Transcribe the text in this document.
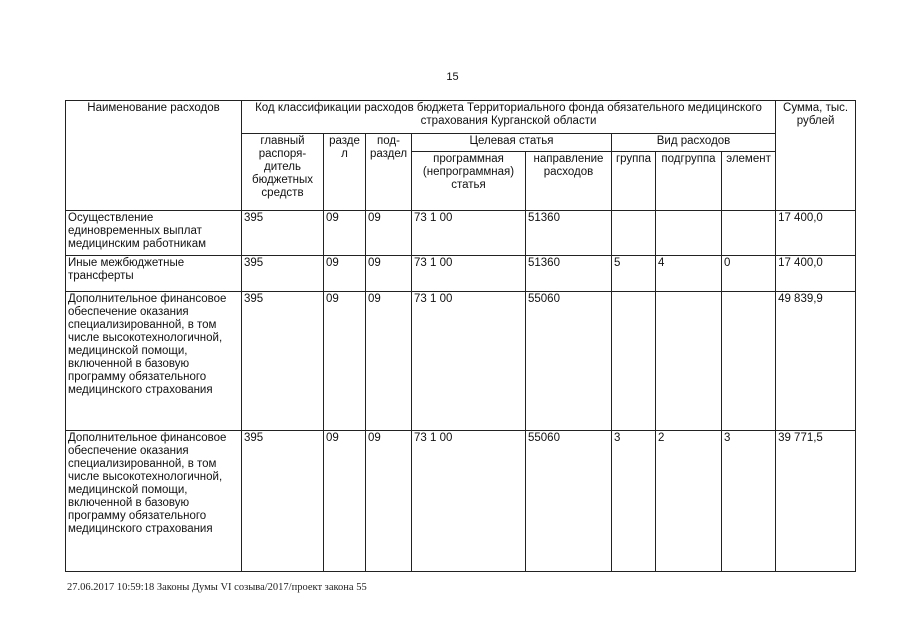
15
Наименование расходов	Код классификации расходов бюджета Территориального фонда обязательного медицинского страхования Курганской области								Сумма, тыс. рублей
	главный распоря-дитель бюджетных средств	раздел	под-раздел	Целевая статья		Вид расходов			
				программная (непрограммная) статья	направление расходов	группа	подгруппа	элемент	
Осуществление единовременных выплат медицинским работникам	395	09	09	73 1 00	51360				17 400,0
Иные межбюджетные трансферты	395	09	09	73 1 00	51360	5	4	0	17 400,0
Дополнительное финансовое обеспечение оказания специализированной, в том числе высокотехнологичной, медицинской помощи, включенной в базовую программу обязательного медицинского страхования	395	09	09	73 1 00	55060				49 839,9
Дополнительное финансовое обеспечение оказания специализированной, в том числе высокотехнологичной, медицинской помощи, включенной в базовую программу обязательного медицинского страхования	395	09	09	73 1 00	55060	3	2	3	39 771,5
27.06.2017 10:59:18 Законы Думы VI созыва/2017/проект закона 55
